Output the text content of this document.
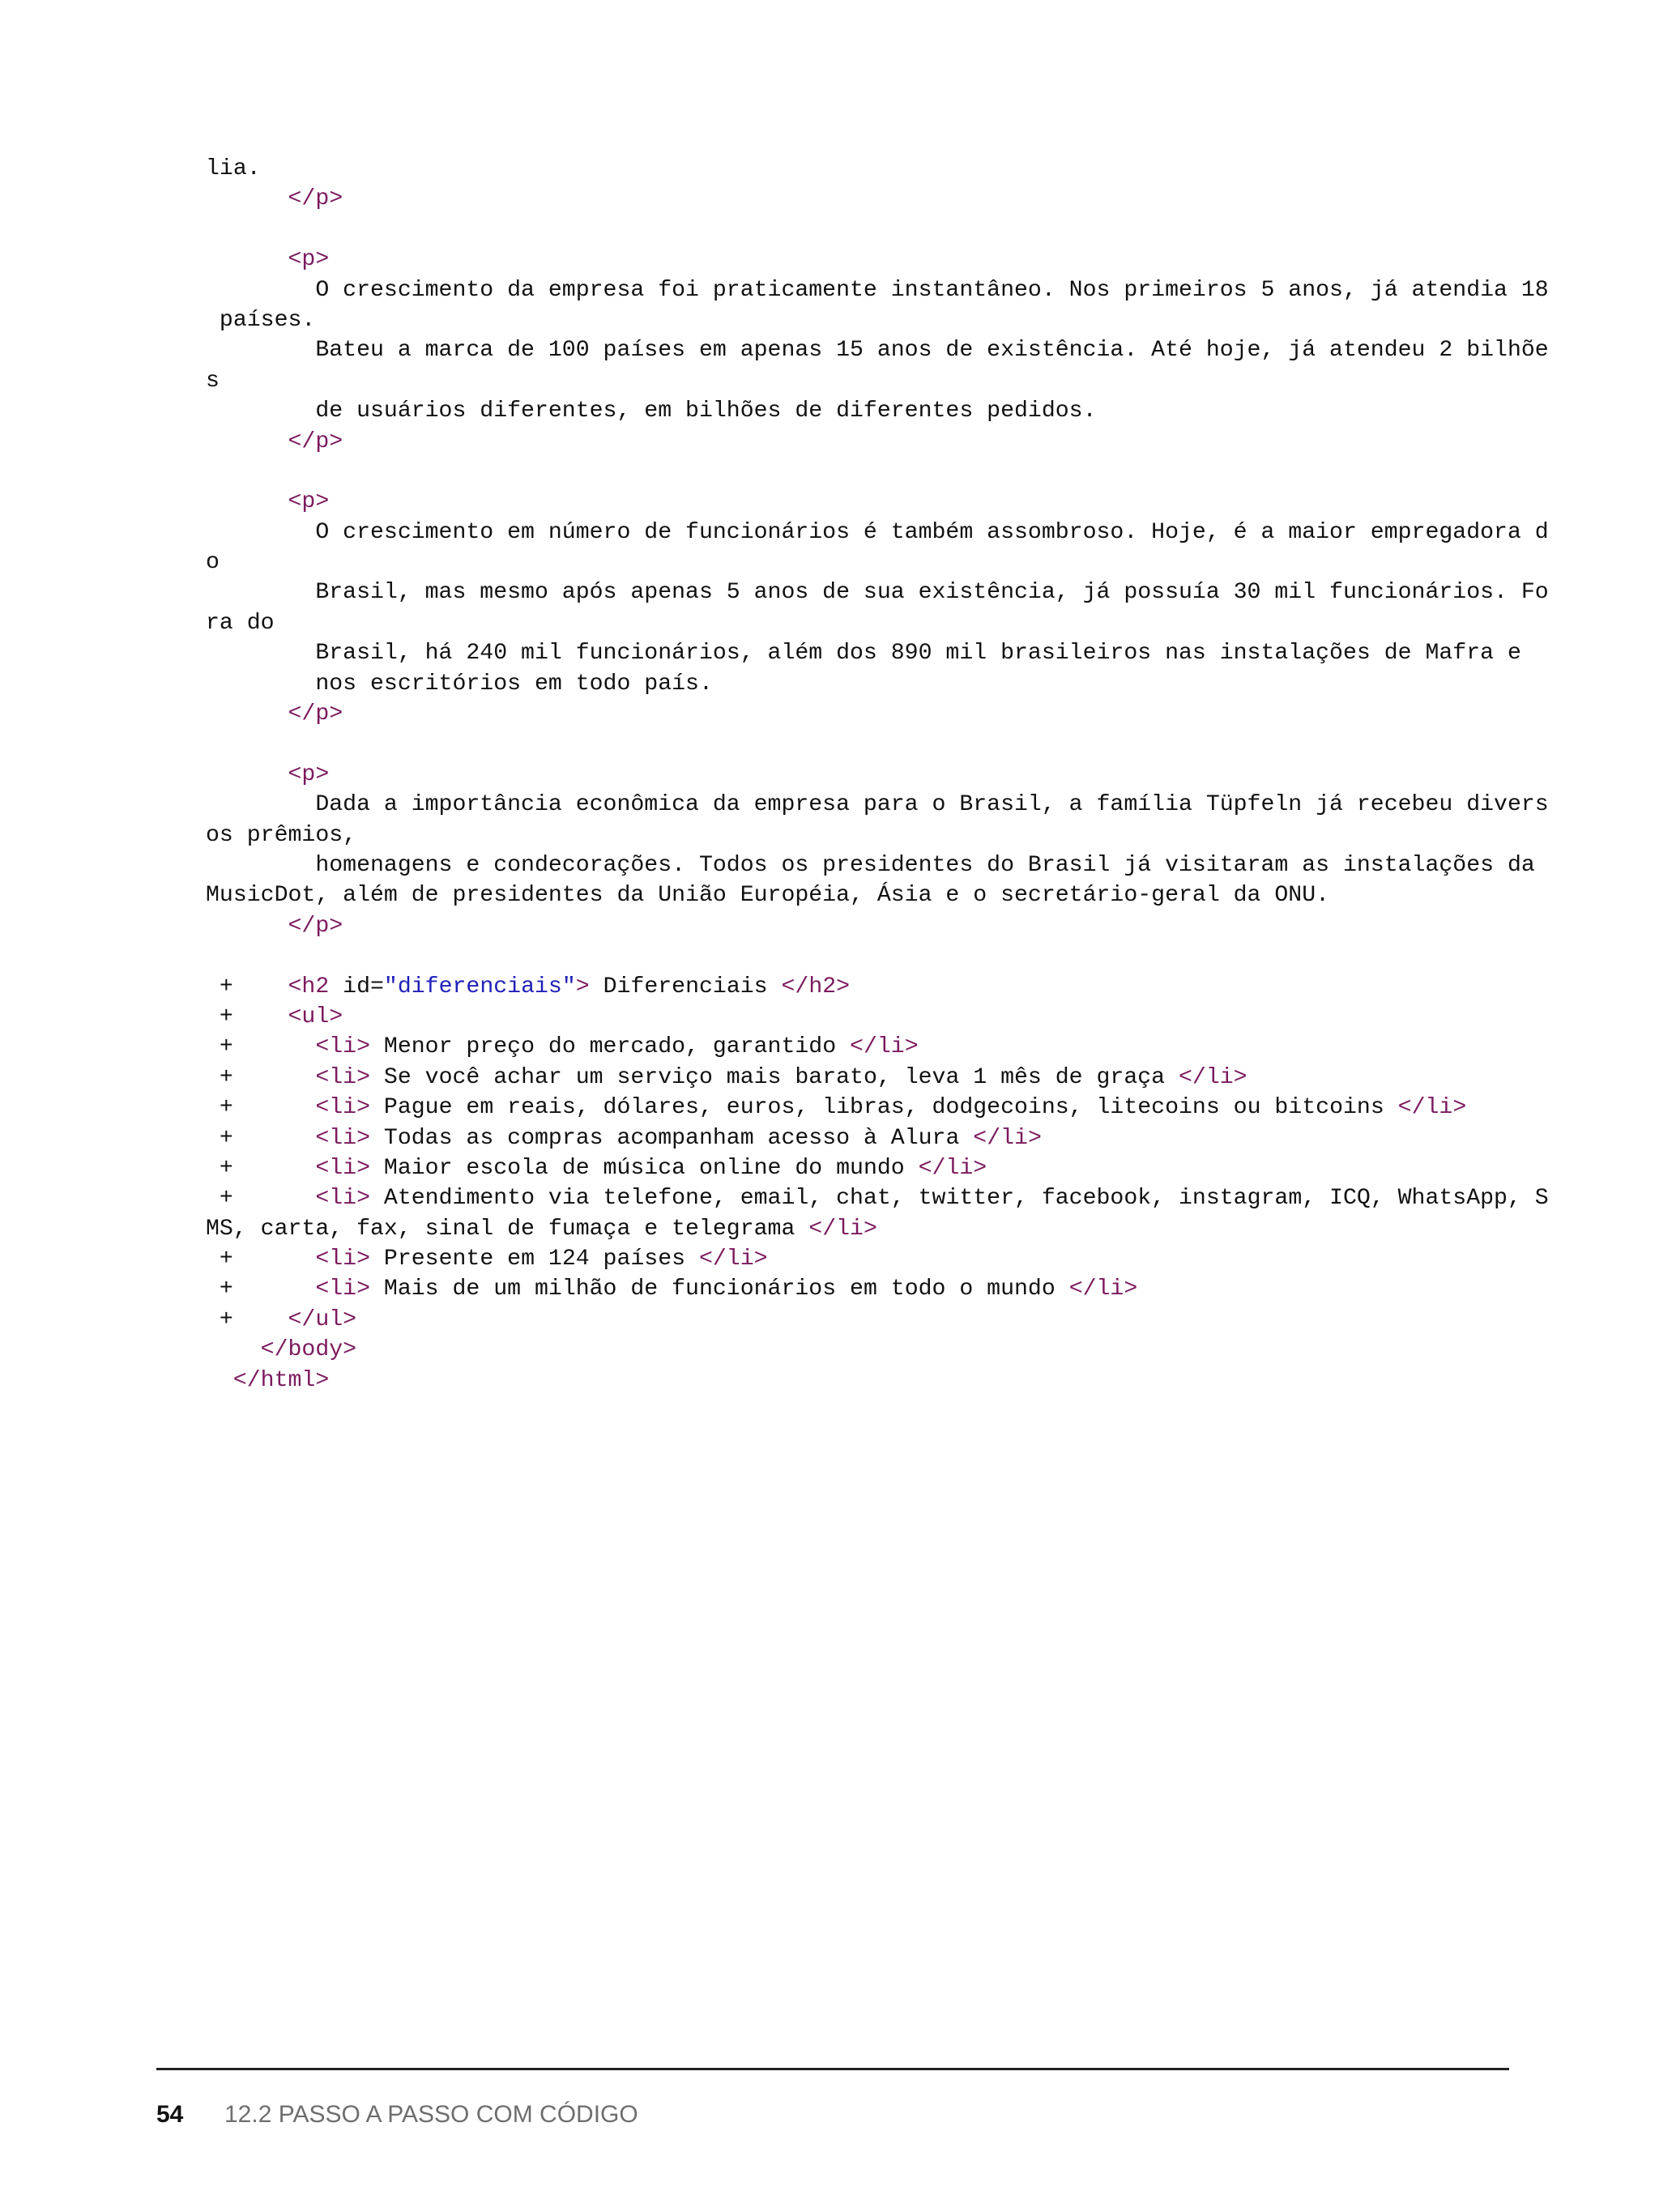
lia.
</p>
<p>
O crescimento da empresa foi praticamente instantâneo. Nos primeiros 5 anos, já atendia 18
países.
Bateu a marca de 100 países em apenas 15 anos de existência. Até hoje, já atendeu 2 bilhõe
s
de usuários diferentes, em bilhões de diferentes pedidos.
</p>
<p>
O crescimento em número de funcionários é também assombroso. Hoje, é a maior empregadora d
o
Brasil, mas mesmo após apenas 5 anos de sua existência, já possuía 30 mil funcionários. Fo
ra do
Brasil, há 240 mil funcionários, além dos 890 mil brasileiros nas instalações de Mafra e
nos escritórios em todo país.
</p>
<p>
Dada a importância econômica da empresa para o Brasil, a família Tüpfeln já recebeu divers
os prêmios,
homenagens e condecorações. Todos os presidentes do Brasil já visitaram as instalações da
MusicDot, além de presidentes da União Européia, Ásia e o secretário-geral da ONU.
</p>
+    <h2 id="diferenciais"> Diferenciais </h2>
+    <ul>
+      <li> Menor preço do mercado, garantido </li>
+      <li> Se você achar um serviço mais barato, leva 1 mês de graça </li>
+      <li> Pague em reais, dólares, euros, libras, dodgecoins, litecoins ou bitcoins </li>
+      <li> Todas as compras acompanham acesso à Alura </li>
+      <li> Maior escola de música online do mundo </li>
+      <li> Atendimento via telefone, email, chat, twitter, facebook, instagram, ICQ, WhatsApp, S
MS, carta, fax, sinal de fumaça e telegrama </li>
+      <li> Presente em 124 países </li>
+      <li> Mais de um milhão de funcionários em todo o mundo </li>
+    </ul>
</body>
</html>
54 12.2 PASSO A PASSO COM CÓDIGO
